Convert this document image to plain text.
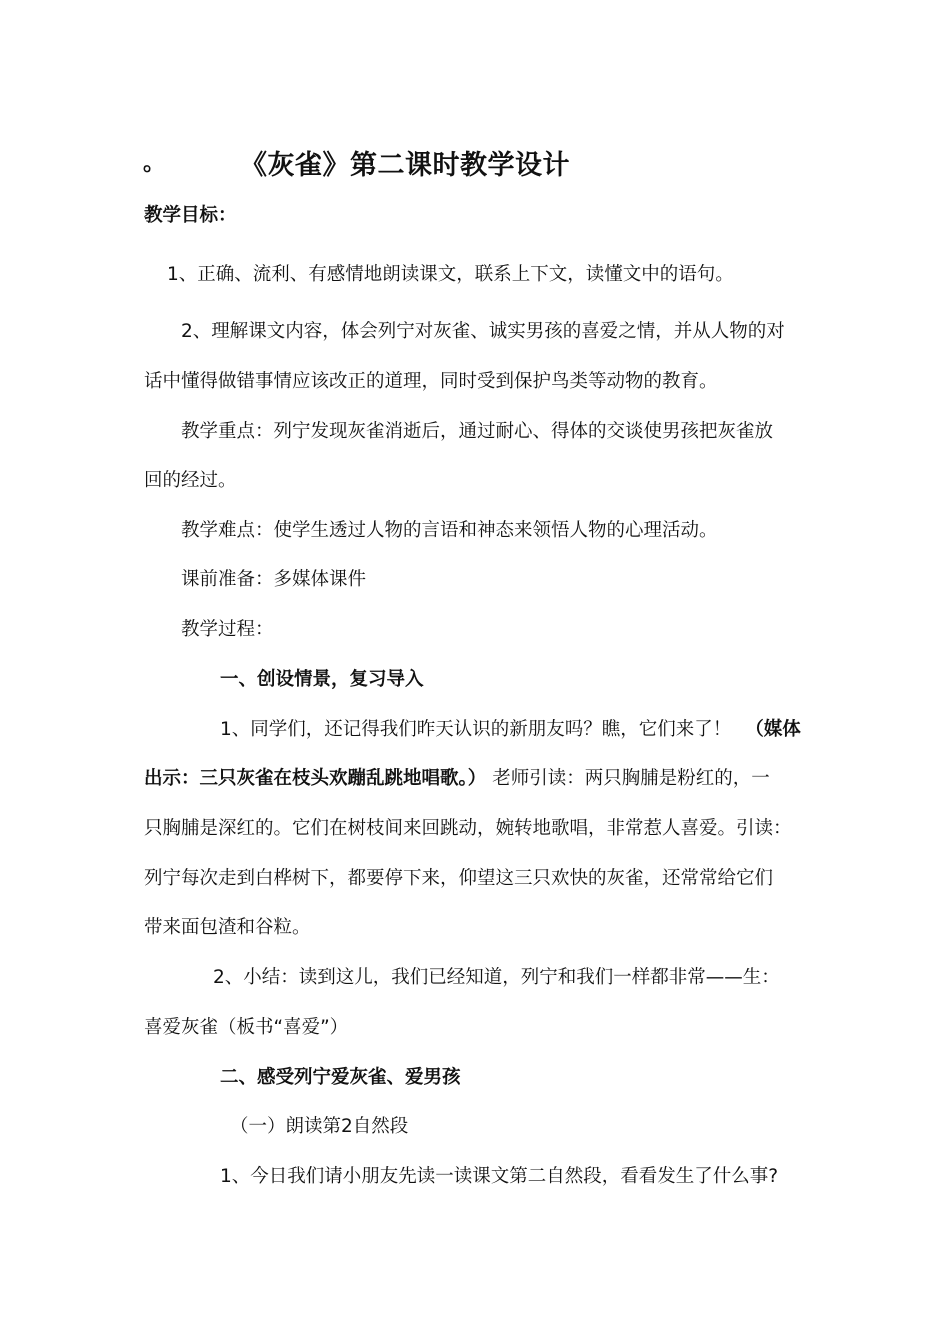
。	《灰雀》第二课时教学设计
教学目标：
1、正确、流利、有感情地朗读课文，联系上下文，读懂文中的语句。
2、理解课文内容，体会列宁对灰雀、诚实男孩的喜爱之情，并从人物的对
话中懂得做错事情应该改正的道理，同时受到保护鸟类等动物的教育。
教学重点：列宁发现灰雀消逝后，通过耐心、得体的交谈使男孩把灰雀放
回的经过。
教学难点：使学生透过人物的言语和神态来领悟人物的心理活动。
课前准备：多媒体课件
教学过程：
一、创设情景，复习导入
1、同学们，还记得我们昨天认识的新朋友吗？瞧，它们来了！ （媒体
出示：三只灰雀在枝头欢蹦乱跳地唱歌。） 老师引读：两只胸脯是粉红的，一
只胸脯是深红的。它们在树枝间来回跳动，婉转地歌唱，非常惹人喜爱。引读：
列宁每次走到白桦树下，都要停下来，仰望这三只欢快的灰雀，还常常给它们
带来面包渣和谷粒。
2、小结：读到这儿，我们已经知道，列宁和我们一样都非常——生：
喜爱灰雀（板书“喜爱”）
二、感受列宁爱灰雀、爱男孩
（一）朗读第2自然段
1、今日我们请小朋友先读一读课文第二自然段，看看发生了什么事?
